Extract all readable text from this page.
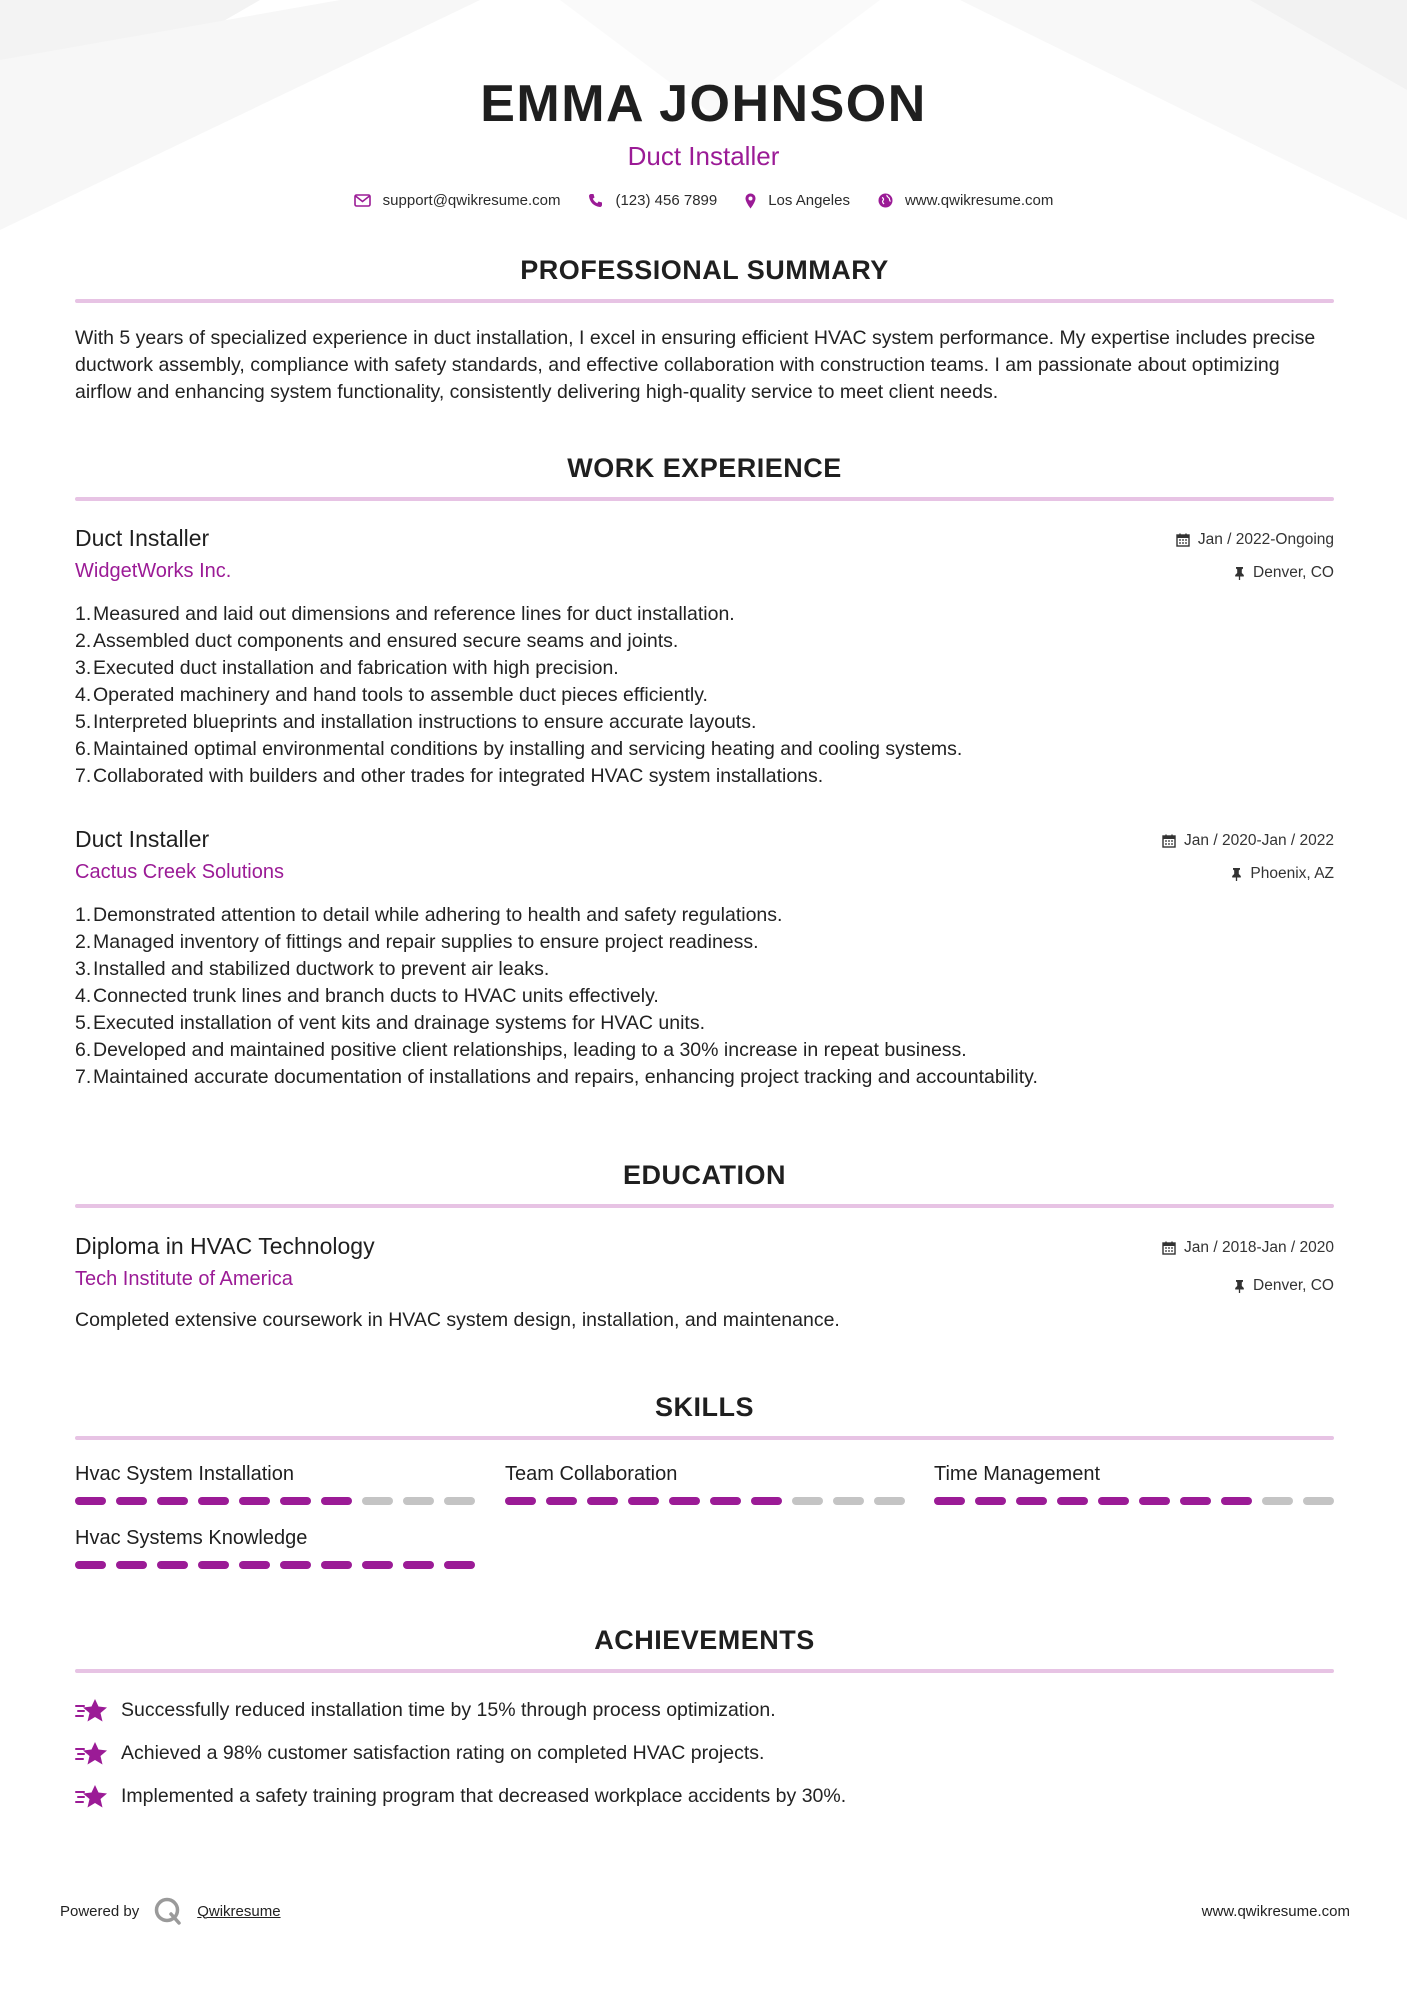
EMMA JOHNSON
Duct Installer
support@qwikresume.com	(123) 456 7899	Los Angeles	www.qwikresume.com
PROFESSIONAL SUMMARY
With 5 years of specialized experience in duct installation, I excel in ensuring efficient HVAC system performance. My expertise includes precise ductwork assembly, compliance with safety standards, and effective collaboration with construction teams. I am passionate about optimizing airflow and enhancing system functionality, consistently delivering high-quality service to meet client needs.
WORK EXPERIENCE
Duct Installer
WidgetWorks Inc.
Jan / 2022-Ongoing
Denver, CO
1. Measured and laid out dimensions and reference lines for duct installation.
2. Assembled duct components and ensured secure seams and joints.
3. Executed duct installation and fabrication with high precision.
4. Operated machinery and hand tools to assemble duct pieces efficiently.
5. Interpreted blueprints and installation instructions to ensure accurate layouts.
6. Maintained optimal environmental conditions by installing and servicing heating and cooling systems.
7. Collaborated with builders and other trades for integrated HVAC system installations.
Duct Installer
Cactus Creek Solutions
Jan / 2020-Jan / 2022
Phoenix, AZ
1. Demonstrated attention to detail while adhering to health and safety regulations.
2. Managed inventory of fittings and repair supplies to ensure project readiness.
3. Installed and stabilized ductwork to prevent air leaks.
4. Connected trunk lines and branch ducts to HVAC units effectively.
5. Executed installation of vent kits and drainage systems for HVAC units.
6. Developed and maintained positive client relationships, leading to a 30% increase in repeat business.
7. Maintained accurate documentation of installations and repairs, enhancing project tracking and accountability.
EDUCATION
Diploma in HVAC Technology
Tech Institute of America
Jan / 2018-Jan / 2020
Denver, CO
Completed extensive coursework in HVAC system design, installation, and maintenance.
SKILLS
Hvac System Installation	Team Collaboration	Time Management
Hvac Systems Knowledge
ACHIEVEMENTS
Successfully reduced installation time by 15% through process optimization.
Achieved a 98% customer satisfaction rating on completed HVAC projects.
Implemented a safety training program that decreased workplace accidents by 30%.
Powered by	Qwikresume	www.qwikresume.com
